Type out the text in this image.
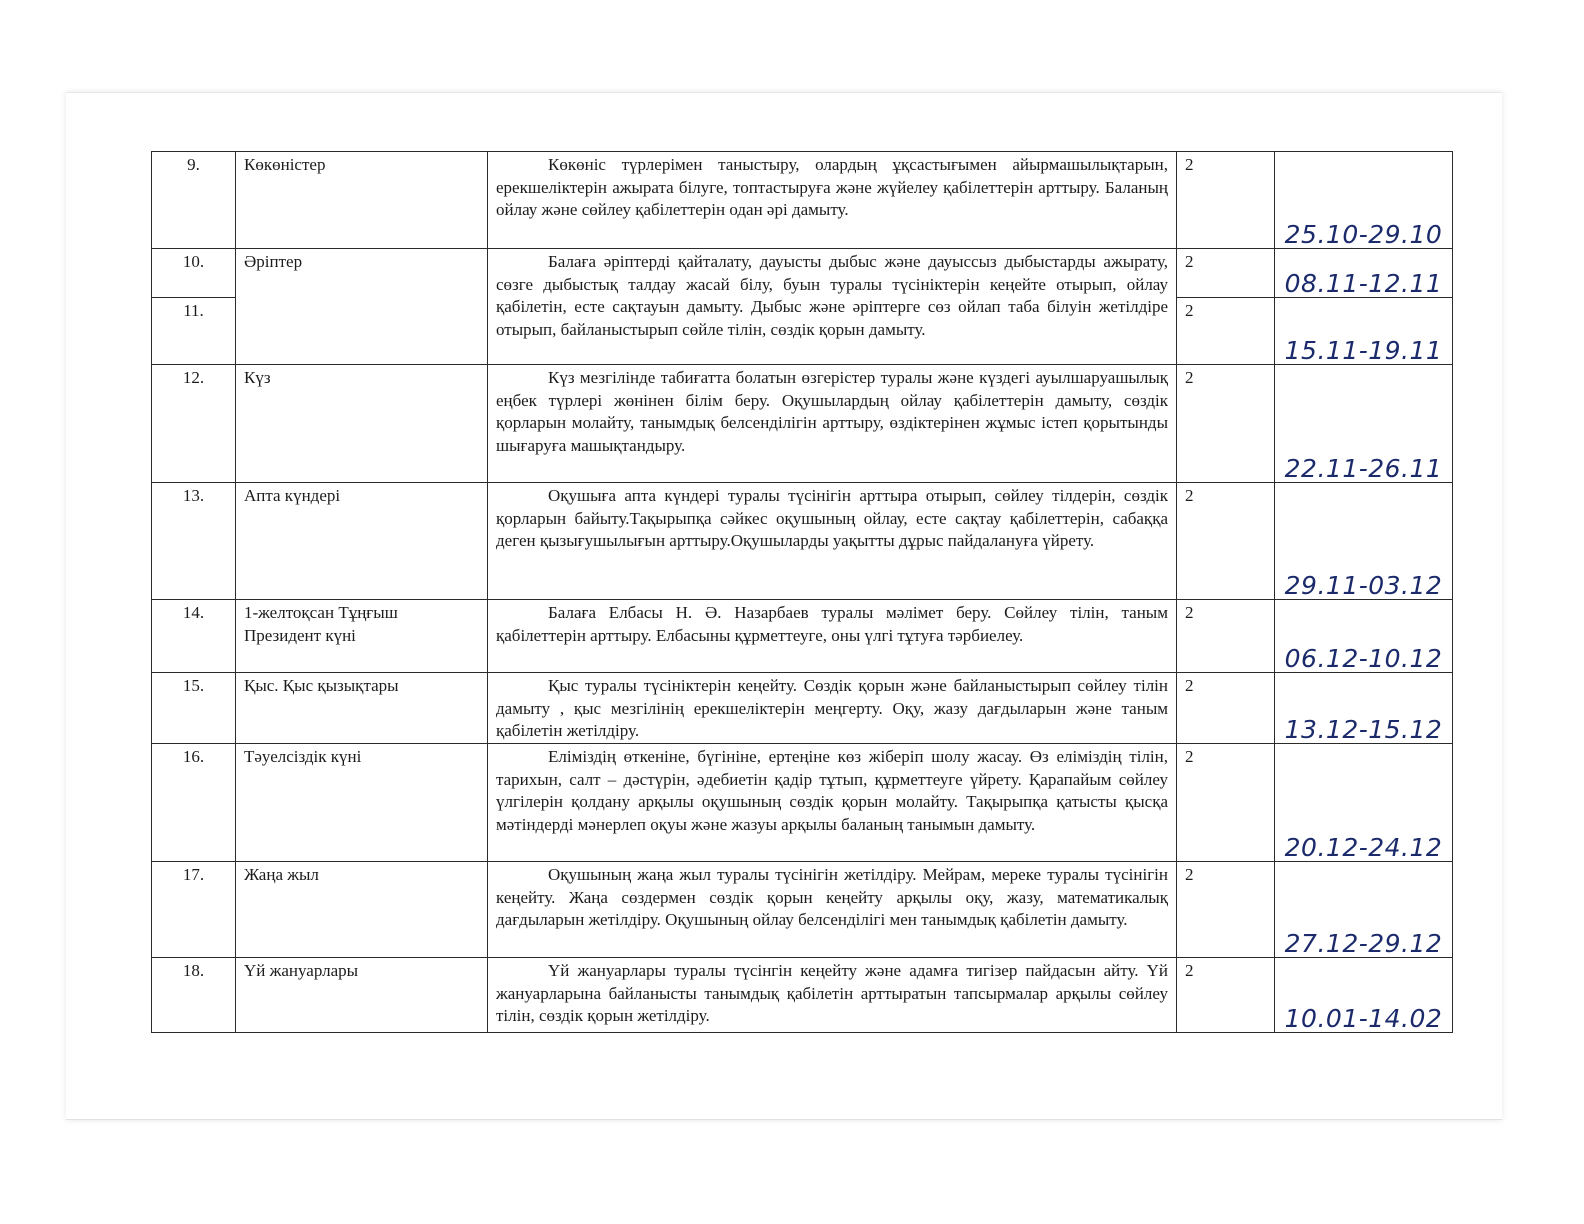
9.	Көкөністер	Көкөніс түрлерімен таныстыру, олардың ұқсастығымен айырмашылықтарын, ерекшеліктерін ажырата білуге, топтастыруға және жүйелеу қабілеттерін арттыру. Баланың ойлау және сөйлеу қабілеттерін одан әрі дамыту.	2	25.10-29.10

10.	Әріптер	Балаға әріптерді қайталату, дауысты дыбыс және дауыссыз дыбыстарды ажырату, сөзге дыбыстық талдау жасай білу, буын туралы түсініктерін кеңейте отырып, ойлау қабілетін, есте сақтауын дамыту. Дыбыс және әріптерге сөз ойлап таба білуін жетілдіре отырып, байланыстырып сөйле тілін, сөздік қорын дамыту.	2	08.11-12.11

11.			2	15.11-19.11

12.	Күз	Күз мезгілінде табиғатта болатын өзгерістер туралы және күздегі ауылшаруашылық еңбек түрлері жөнінен білім беру. Оқушылардың ойлау қабілеттерін дамыту, сөздік қорларын молайту, танымдық белсенділігін арттыру, өздіктерінен жұмыс істеп қорытынды шығаруға машықтандыру.	2	22.11-26.11

13.	Апта күндері	Оқушыға апта күндері туралы түсінігін арттыра отырып, сөйлеу тілдерін, сөздік қорларын байыту.Тақырыпқа сәйкес оқушының ойлау, есте сақтау қабілеттерін, сабаққа деген қызығушылығын арттыру.Оқушыларды уақытты дұрыс пайдалануға үйрету.	2	29.11-03.12

14.	1-желтоқсан Тұңғыш Президент күні	Балаға Елбасы Н. Ә. Назарбаев туралы мәлімет беру. Сөйлеу тілін, таным қабілеттерін арттыру. Елбасыны құрметтеуге, оны үлгі тұтуға тәрбиелеу.	2	06.12-10.12

15.	Қыс. Қыс қызықтары	Қыс туралы түсініктерін кеңейту. Сөздік қорын және байланыстырып сөйлеу тілін дамыту , қыс мезгілінің ерекшеліктерін меңгерту. Оқу, жазу дағдыларын және таным қабілетін жетілдіру.	2	13.12-15.12

16.	Тәуелсіздік күні	Еліміздің өткеніне, бүгініне, ертеңіне көз жіберіп шолу жасау. Өз еліміздің тілін, тарихын, салт – дәстүрін, әдебиетін қадір тұтып, құрметтеуге үйрету. Қарапайым сөйлеу үлгілерін қолдану арқылы оқушының сөздік қорын молайту. Тақырыпқа қатысты қысқа мәтіндерді мәнерлеп оқуы және жазуы арқылы баланың танымын дамыту.	2	20.12-24.12

17.	Жаңа жыл	Оқушының жаңа жыл туралы түсінігін жетілдіру. Мейрам, мереке туралы түсінігін кеңейту. Жаңа сөздермен сөздік қорын кеңейту арқылы оқу, жазу, математикалық дағдыларын жетілдіру. Оқушының ойлау белсенділігі мен танымдық қабілетін дамыту.	2	27.12-29.12

18.	Үй жануарлары	Үй жануарлары туралы түсінгін кеңейту және адамға тигізер пайдасын айту. Үй жануарларына байланысты танымдық қабілетін арттыратын тапсырмалар арқылы сөйлеу тілін, сөздік қорын жетілдіру.	2	10.01-14.02
